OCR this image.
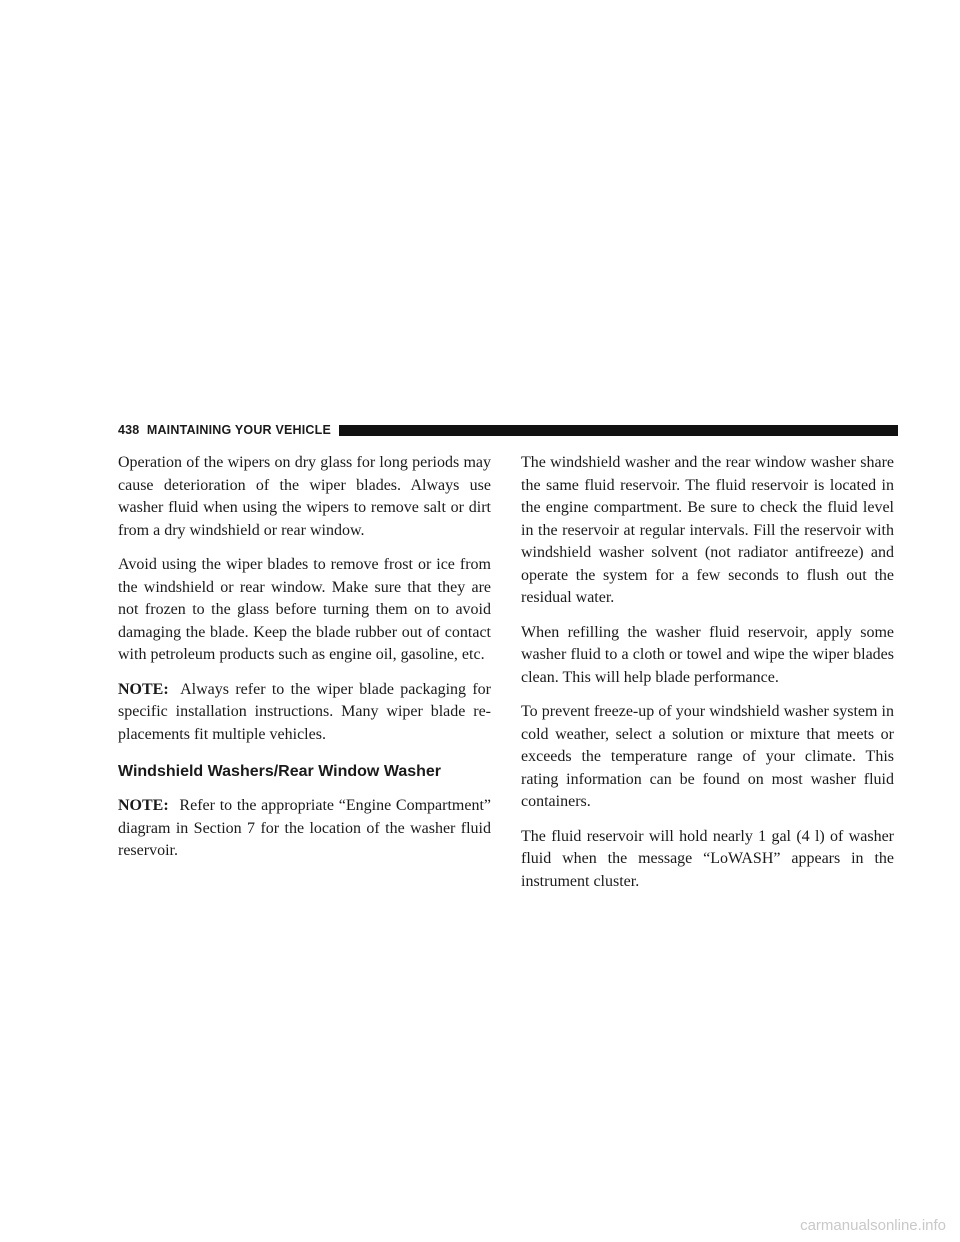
438 MAINTAINING YOUR VEHICLE

Operation of the wipers on dry glass for long periods may cause deterioration of the wiper blades. Always use washer fluid when using the wipers to remove salt or dirt from a dry windshield or rear window.

Avoid using the wiper blades to remove frost or ice from the windshield or rear window. Make sure that they are not frozen to the glass before turning them on to avoid damaging the blade. Keep the blade rubber out of contact with petroleum products such as engine oil, gasoline, etc.

NOTE: Always refer to the wiper blade packaging for specific installation instructions. Many wiper blade re-placements fit multiple vehicles.

Windshield Washers/Rear Window Washer

NOTE: Refer to the appropriate “Engine Compartment” diagram in Section 7 for the location of the washer fluid reservoir.

The windshield washer and the rear window washer share the same fluid reservoir. The fluid reservoir is located in the engine compartment. Be sure to check the fluid level in the reservoir at regular intervals. Fill the reservoir with windshield washer solvent (not radiator antifreeze) and operate the system for a few seconds to flush out the residual water.

When refilling the washer fluid reservoir, apply some washer fluid to a cloth or towel and wipe the wiper blades clean. This will help blade performance.

To prevent freeze-up of your windshield washer system in cold weather, select a solution or mixture that meets or exceeds the temperature range of your climate. This rating information can be found on most washer fluid containers.

The fluid reservoir will hold nearly 1 gal (4 l) of washer fluid when the message “LoWASH” appears in the instrument cluster.

carmanualsonline.info
